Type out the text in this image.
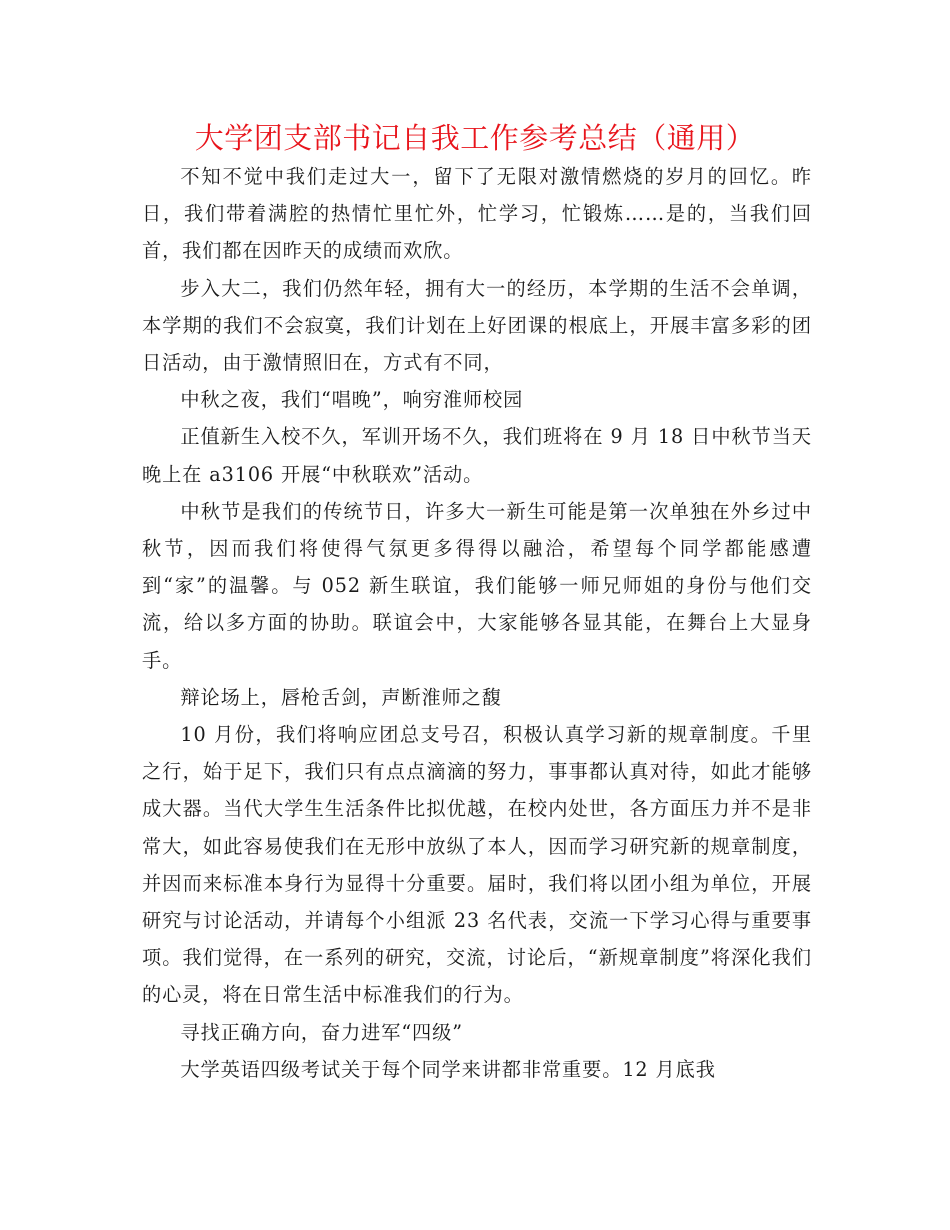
大学团支部书记自我工作参考总结（通用）

不知不觉中我们走过大一，留下了无限对激情燃烧的岁月的回忆。昨日，我们带着满腔的热情忙里忙外，忙学习，忙锻炼……是的，当我们回首，我们都在因昨天的成绩而欢欣。

步入大二，我们仍然年轻，拥有大一的经历，本学期的生活不会单调，本学期的我们不会寂寞，我们计划在上好团课的根底上，开展丰富多彩的团日活动，由于激情照旧在，方式有不同，

中秋之夜，我们“唱晚”，响穷淮师校园

正值新生入校不久，军训开场不久，我们班将在 9 月 18 日中秋节当天晚上在 a3106 开展“中秋联欢”活动。

中秋节是我们的传统节日，许多大一新生可能是第一次单独在外乡过中秋节，因而我们将使得气氛更多得得以融洽，希望每个同学都能感遭到“家”的温馨。与 052 新生联谊，我们能够一师兄师姐的身份与他们交流，给以多方面的协助。联谊会中，大家能够各显其能，在舞台上大显身手。

辩论场上，唇枪舌剑，声断淮师之馥

10 月份，我们将响应团总支号召，积极认真学习新的规章制度。千里之行，始于足下，我们只有点点滴滴的努力，事事都认真对待，如此才能够成大器。当代大学生生活条件比拟优越，在校内处世，各方面压力并不是非常大，如此容易使我们在无形中放纵了本人，因而学习研究新的规章制度，并因而来标准本身行为显得十分重要。届时，我们将以团小组为单位，开展研究与讨论活动，并请每个小组派 23 名代表，交流一下学习心得与重要事项。我们觉得，在一系列的研究，交流，讨论后，“新规章制度”将深化我们的心灵，将在日常生活中标准我们的行为。

寻找正确方向，奋力进军“四级”

大学英语四级考试关于每个同学来讲都非常重要。12 月底我
